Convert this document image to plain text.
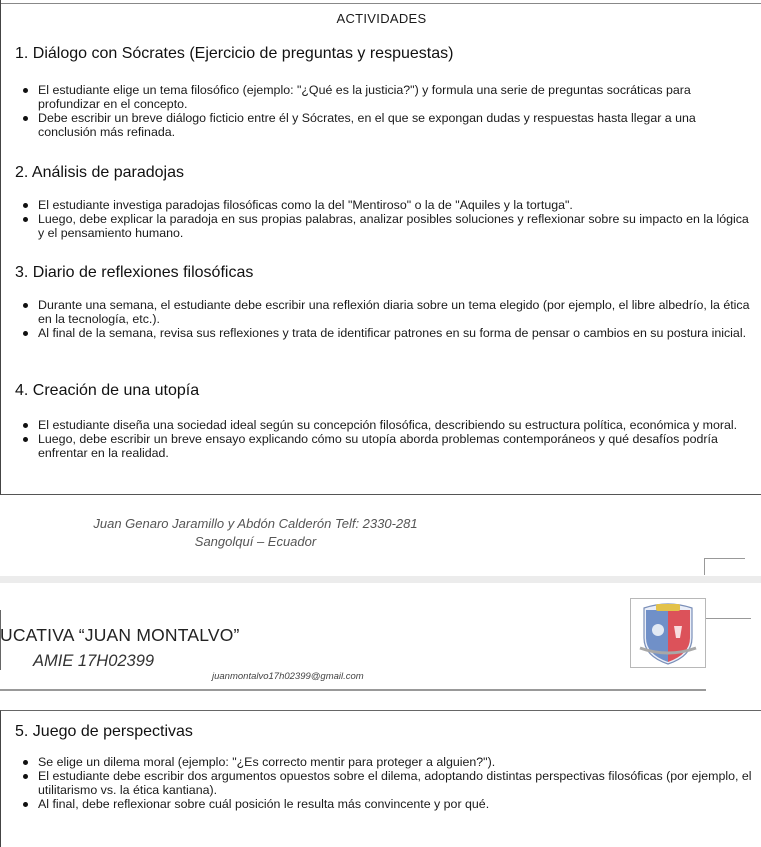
ACTIVIDADES
1. Diálogo con Sócrates (Ejercicio de preguntas y respuestas)
El estudiante elige un tema filosófico (ejemplo: "¿Qué es la justicia?") y formula una serie de preguntas socráticas para profundizar en el concepto.
Debe escribir un breve diálogo ficticio entre él y Sócrates, en el que se expongan dudas y respuestas hasta llegar a una conclusión más refinada.
2. Análisis de paradojas
El estudiante investiga paradojas filosóficas como la del "Mentiroso" o la de "Aquiles y la tortuga".
Luego, debe explicar la paradoja en sus propias palabras, analizar posibles soluciones y reflexionar sobre su impacto en la lógica y el pensamiento humano.
3. Diario de reflexiones filosóficas
Durante una semana, el estudiante debe escribir una reflexión diaria sobre un tema elegido (por ejemplo, el libre albedrío, la ética en la tecnología, etc.).
Al final de la semana, revisa sus reflexiones y trata de identificar patrones en su forma de pensar o cambios en su postura inicial.
4. Creación de una utopía
El estudiante diseña una sociedad ideal según su concepción filosófica, describiendo su estructura política, económica y moral.
Luego, debe escribir un breve ensayo explicando cómo su utopía aborda problemas contemporáneos y qué desafíos podría enfrentar en la realidad.
Juan Genaro Jaramillo y Abdón Calderón Telf: 2330-281
Sangolquí – Ecuador
UCATIVA “JUAN MONTALVO”
AMIE 17H02399
juanmontalvo17h02399@gmail.com
5. Juego de perspectivas
Se elige un dilema moral (ejemplo: "¿Es correcto mentir para proteger a alguien?").
El estudiante debe escribir dos argumentos opuestos sobre el dilema, adoptando distintas perspectivas filosóficas (por ejemplo, el utilitarismo vs. la ética kantiana).
Al final, debe reflexionar sobre cuál posición le resulta más convincente y por qué.
